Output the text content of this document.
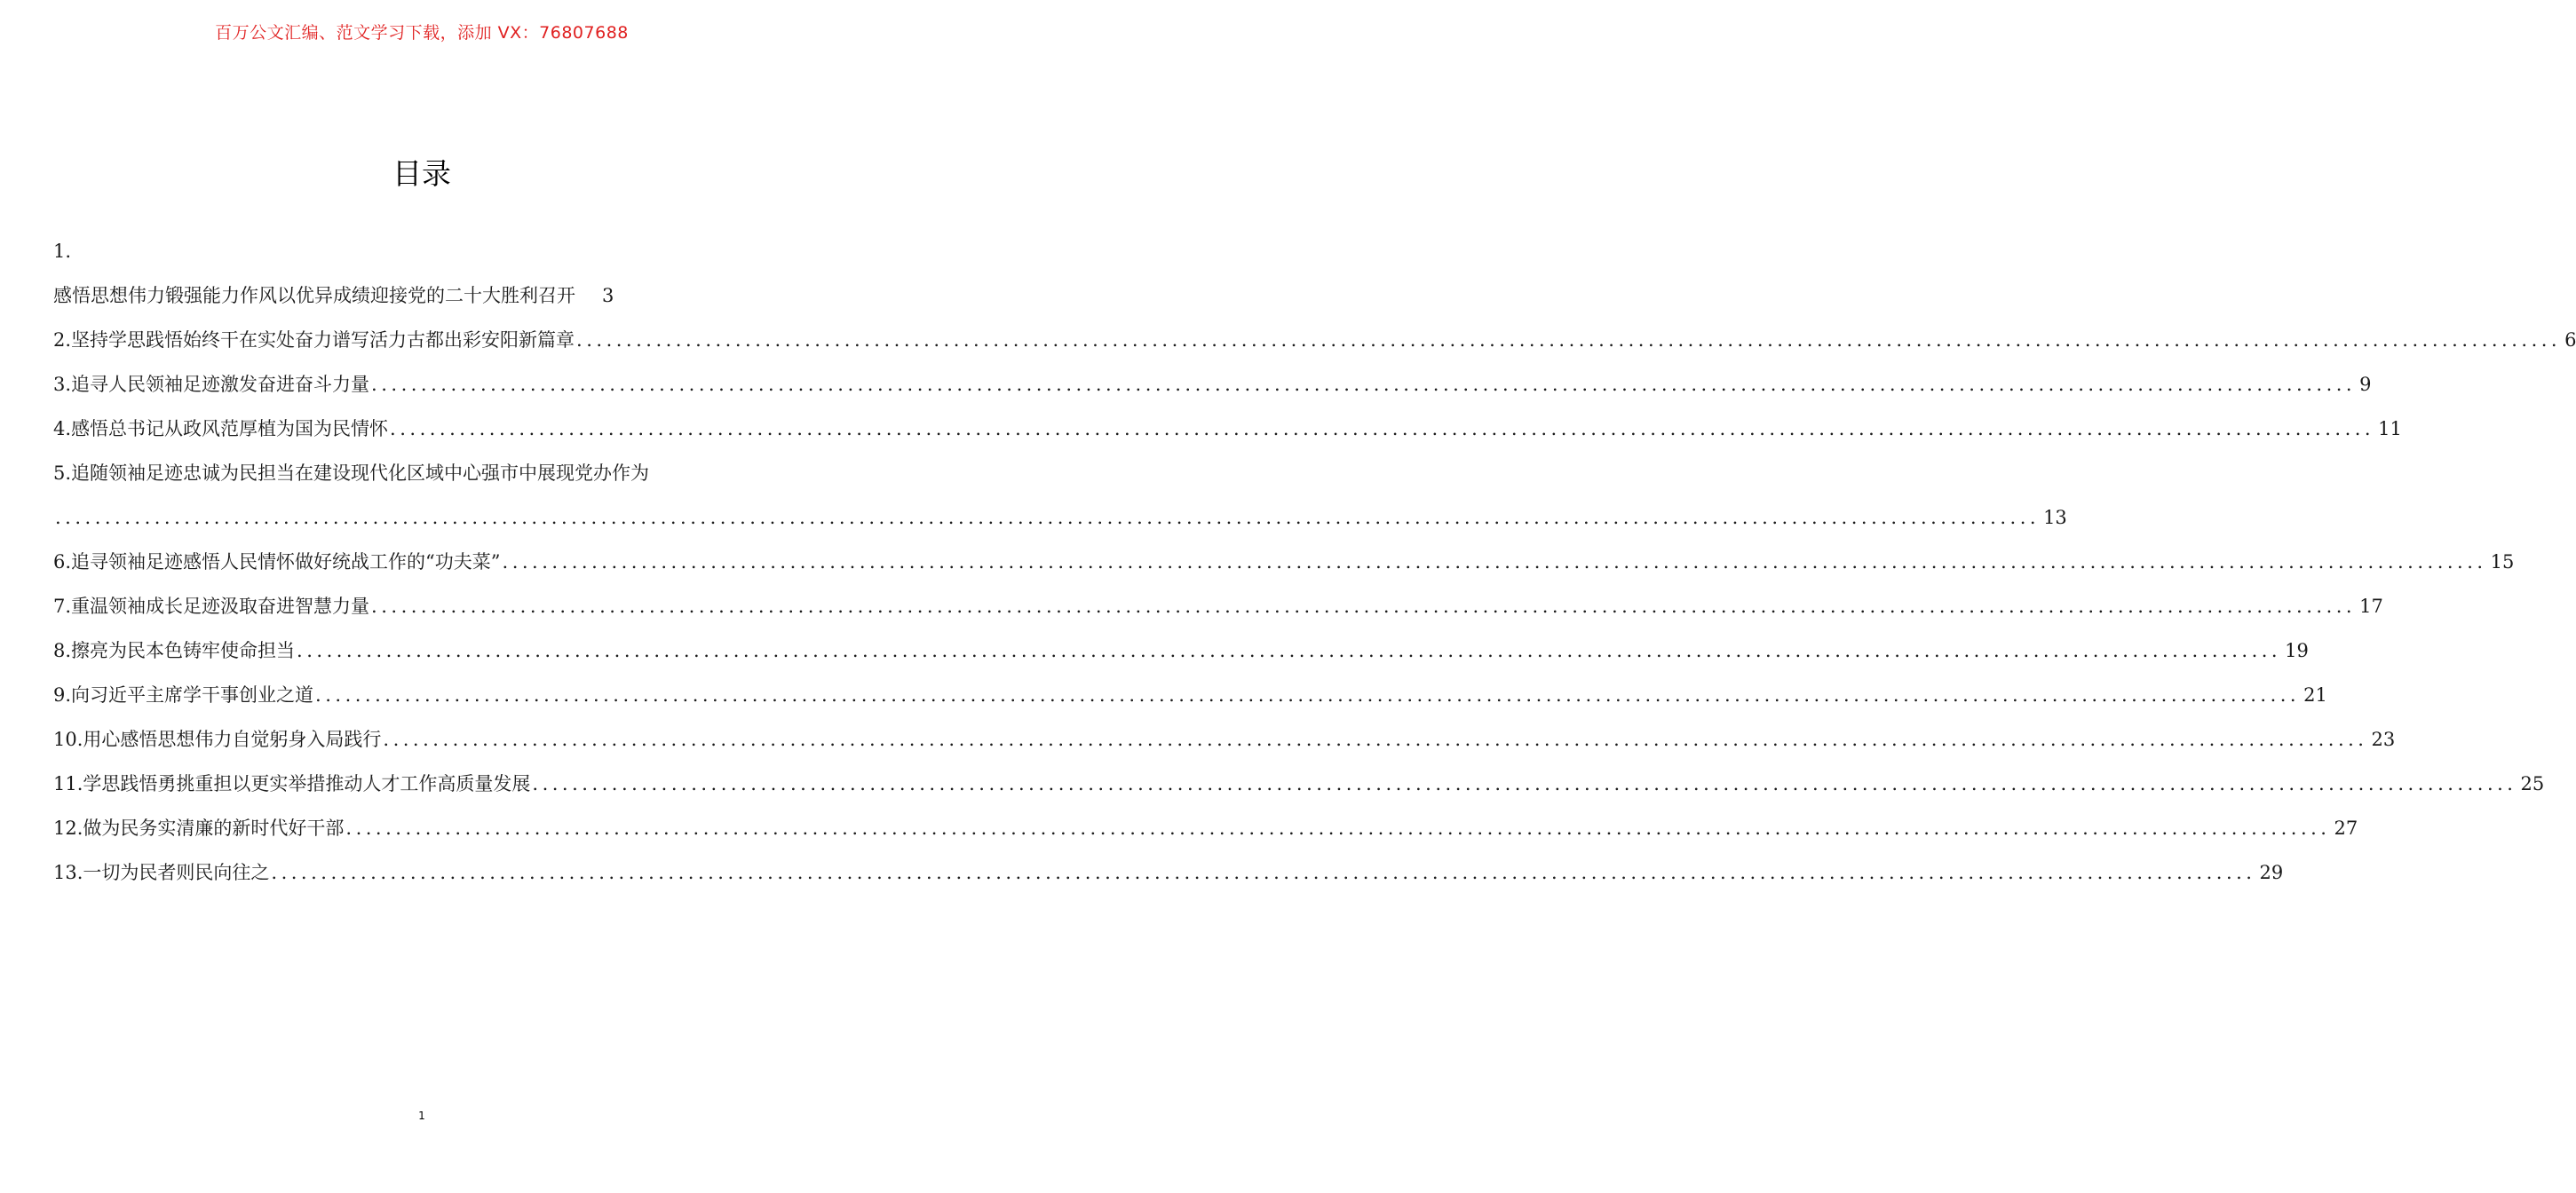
百万公文汇编、范文学习下载，添加 VX：76807688
目录
1.
感悟思想伟力锻强能力作风以优异成绩迎接党的二十大胜利召开 3
2.坚持学思践悟始终干在实处奋力谱写活力古都出彩安阳新篇章 ........................................................................................................................................................................................................ 6
3.追寻人民领袖足迹激发奋进奋斗力量 ........................................................................................................................................................................................................ 9
4.感悟总书记从政风范厚植为国为民情怀 ........................................................................................................................................................................................................ 11
5.追随领袖足迹忠诚为民担当在建设现代化区域中心强市中展现党办作为
........................................................................................................................................................................................................ 13
6.追寻领袖足迹感悟人民情怀做好统战工作的“功夫菜” ........................................................................................................................................................................................................ 15
7.重温领袖成长足迹汲取奋进智慧力量 ........................................................................................................................................................................................................ 17
8.擦亮为民本色铸牢使命担当 ........................................................................................................................................................................................................ 19
9.向习近平主席学干事创业之道 ........................................................................................................................................................................................................ 21
10.用心感悟思想伟力自觉躬身入局践行 ........................................................................................................................................................................................................ 23
11.学思践悟勇挑重担以更实举措推动人才工作高质量发展 ........................................................................................................................................................................................................ 25
12.做为民务实清廉的新时代好干部 ........................................................................................................................................................................................................ 27
13.一切为民者则民向往之 ........................................................................................................................................................................................................ 29
1
